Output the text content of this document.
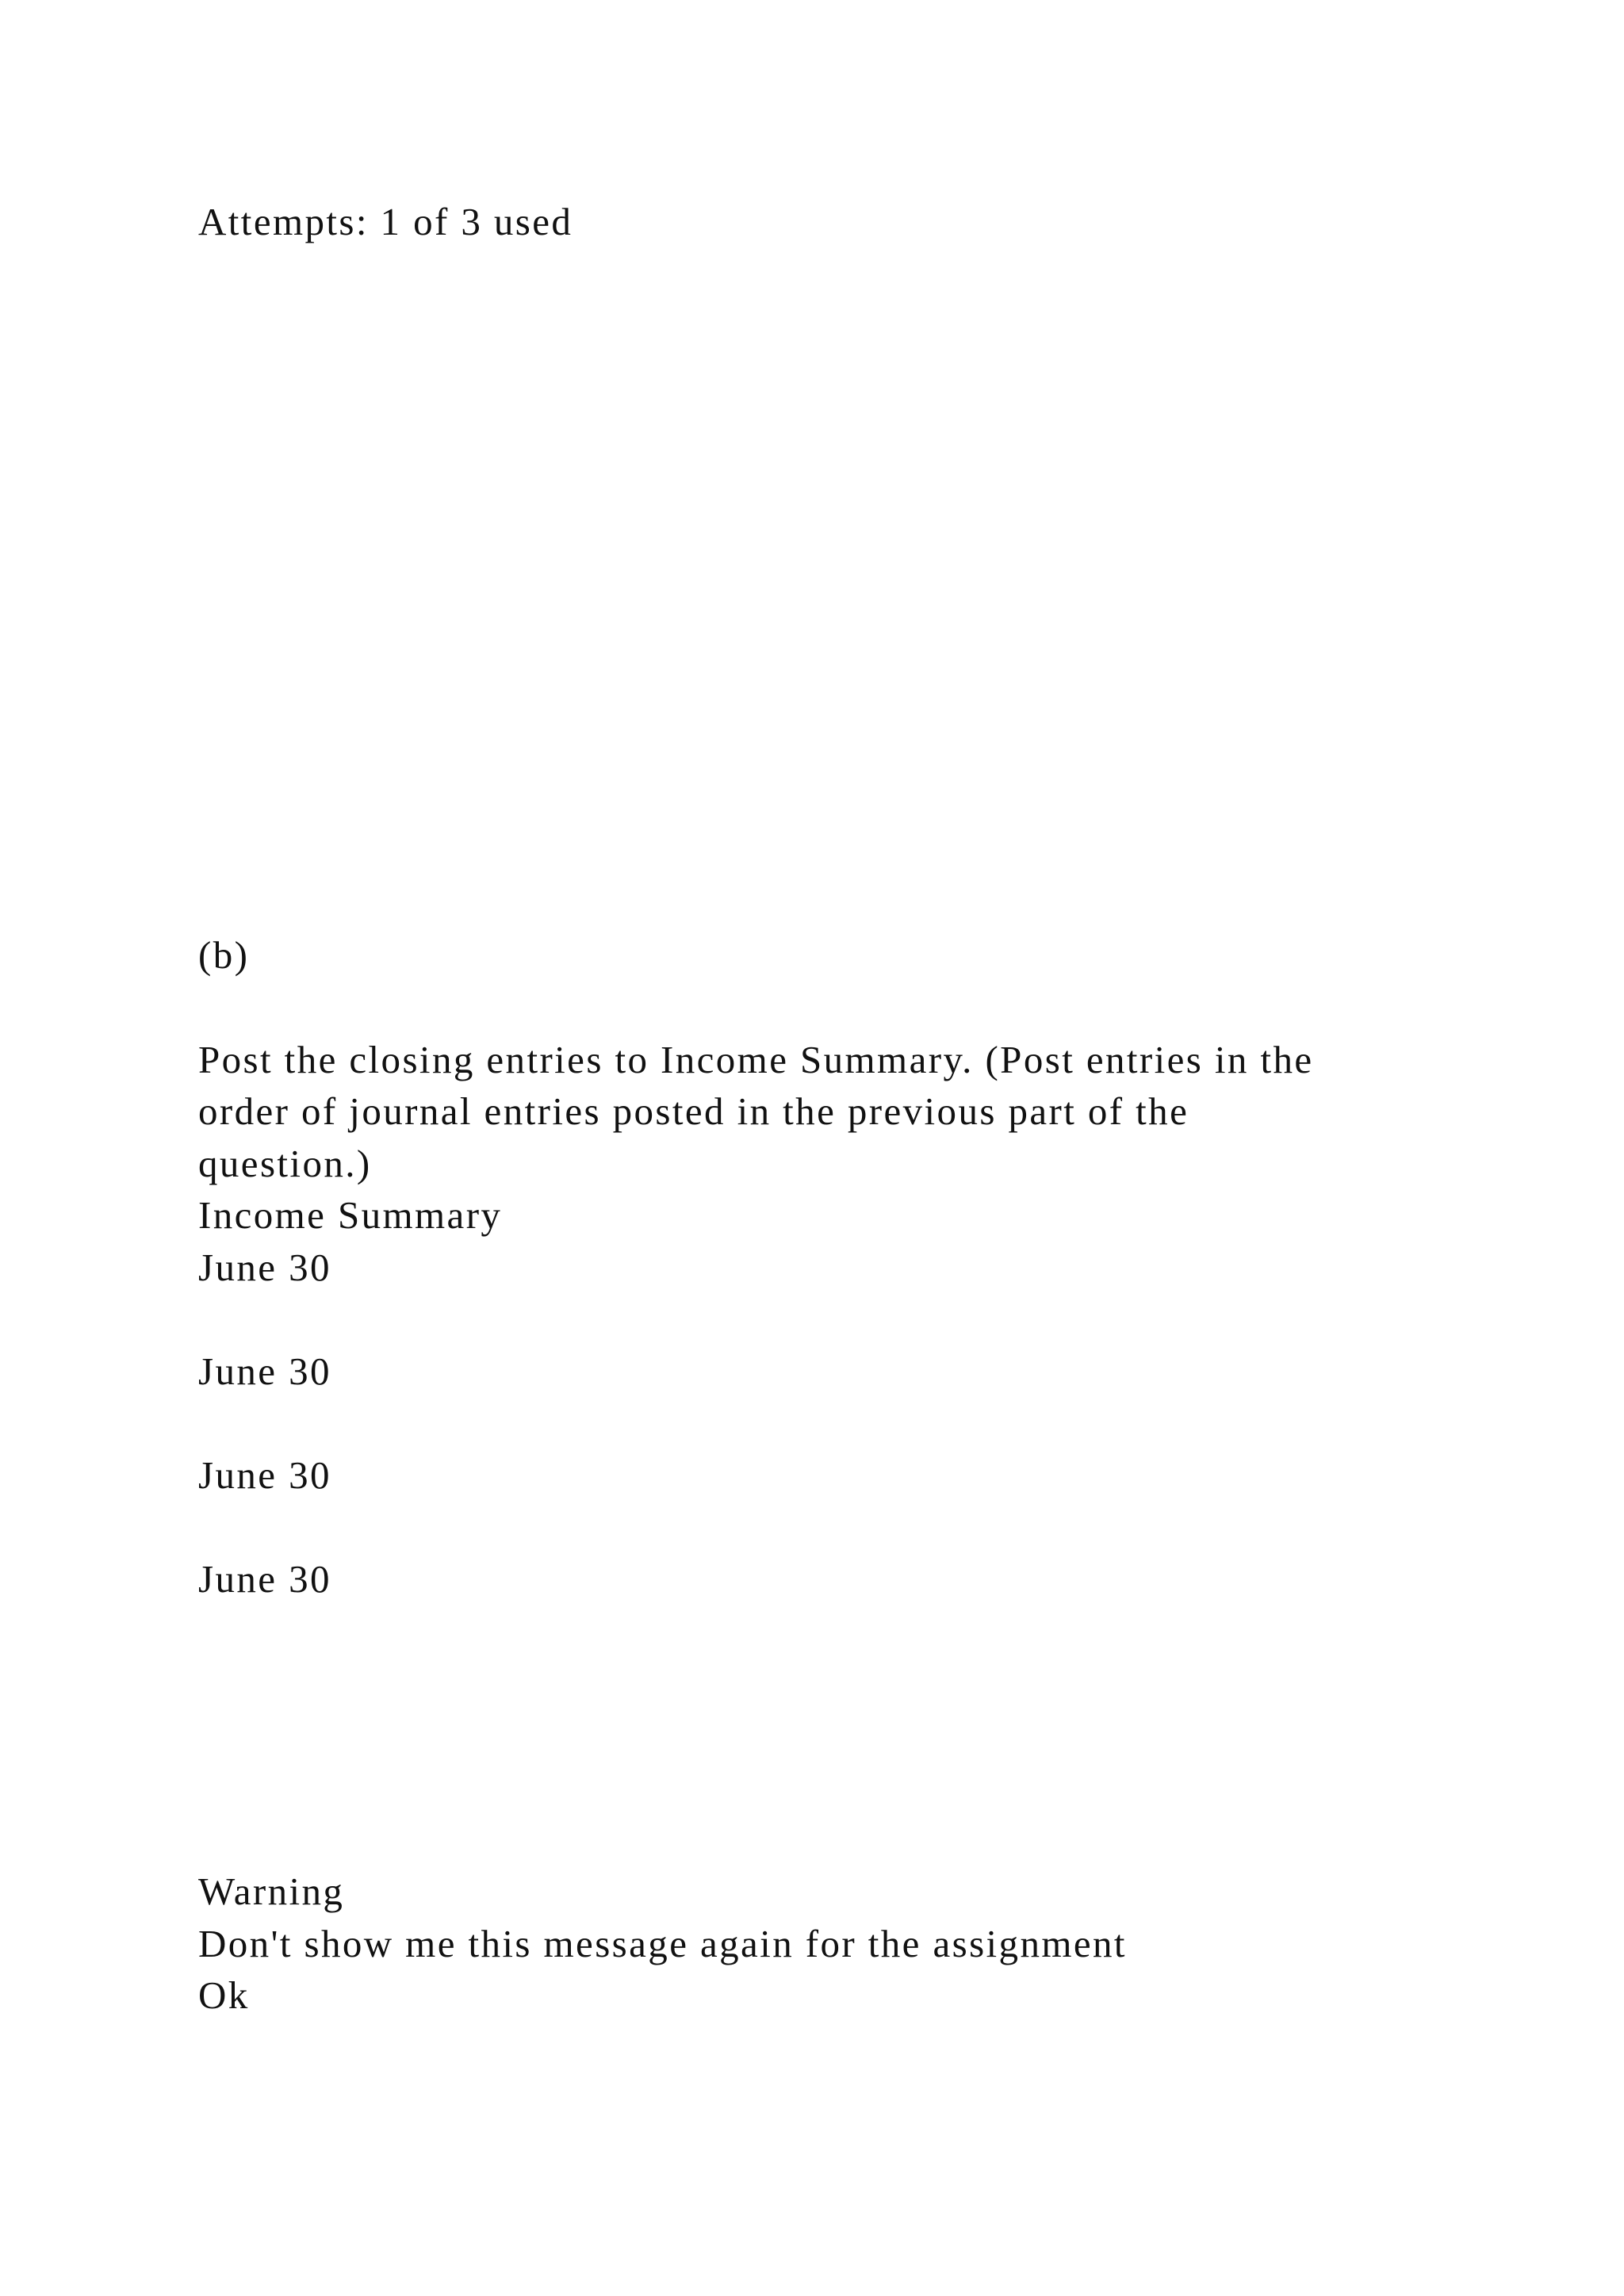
Attempts: 1 of 3 used
(b)
Post the closing entries to Income Summary. (Post entries in the
order of journal entries posted in the previous part of the
question.)
Income Summary
June 30
June 30
June 30
June 30
Warning
Don't show me this message again for the assignment
Ok
